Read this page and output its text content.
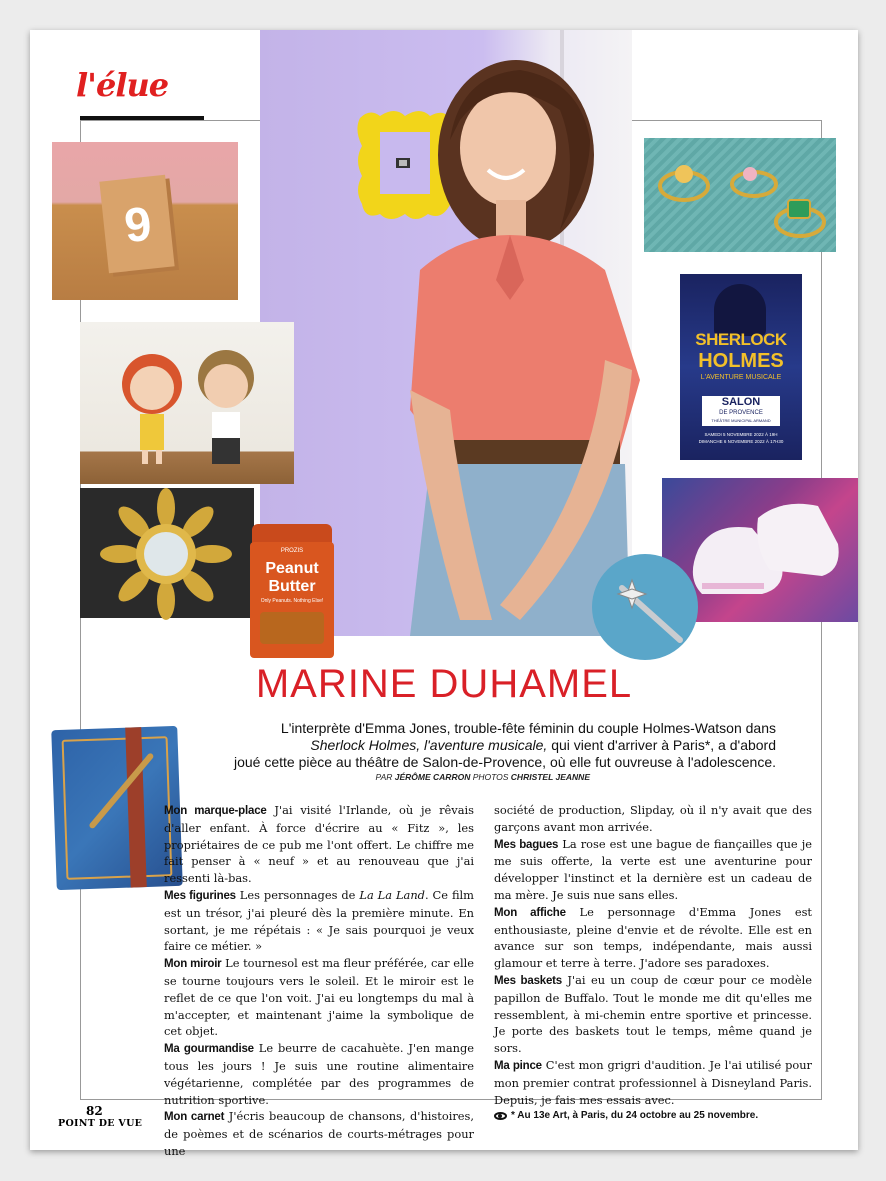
l'élue
9
PROZIS
Peanut
Butter
Only Peanuts. Nothing Else!
SHERLOCK
HOLMES
L'AVENTURE MUSICALE
SALON
DE PROVENCE
THÉÂTRE MUNICIPAL ARMAND
SAMEDI 5 NOVEMBRE 2022 À 19H
DIMANCHE 6 NOVEMBRE 2022 À 17H30
MARINE DUHAMEL
L'interprète d'Emma Jones, trouble-fête féminin du couple Holmes-Watson dans
Sherlock Holmes, l'aventure musicale, qui vient d'arriver à Paris*, a d'abord
joué cette pièce au théâtre de Salon-de-Provence, où elle fut ouvreuse à l'adolescence.
PAR JÉRÔME CARRON PHOTOS CHRISTEL JEANNE

Mon marque-place J'ai visité l'Irlande, où je rêvais d'aller enfant. À force d'écrire au « Fitz », les propriétaires de ce pub me l'ont offert. Le chiffre me fait penser à « neuf » et au renouveau que j'ai ressenti là-bas.

Mes figurines Les personnages de La La Land. Ce film est un trésor, j'ai pleuré dès la première minute. En sortant, je me répétais : « Je sais pourquoi je veux faire ce métier. »

Mon miroir Le tournesol est ma fleur préférée, car elle se tourne toujours vers le soleil. Et le miroir est le reflet de ce que l'on voit. J'ai eu longtemps du mal à m'accepter, et maintenant j'aime la symbolique de cet objet.

Ma gourmandise Le beurre de cacahuète. J'en mange tous les jours ! Je suis une routine alimentaire végétarienne, complétée par des programmes de nutrition sportive.

Mon carnet J'écris beaucoup de chansons, d'histoires, de poèmes et de scénarios de courts-métrages pour une

société de production, Slipday, où il n'y avait que des garçons avant mon arrivée.

Mes bagues La rose est une bague de fiançailles que je me suis offerte, la verte est une aventurine pour développer l'instinct et la dernière est un cadeau de ma mère. Je suis nue sans elles.

Mon affiche Le personnage d'Emma Jones est enthousiaste, pleine d'envie et de révolte. Elle est en avance sur son temps, indépendante, mais aussi glamour et terre à terre. J'adore ses paradoxes.

Mes baskets J'ai eu un coup de cœur pour ce modèle papillon de Buffalo. Tout le monde me dit qu'elles me ressemblent, à mi-chemin entre sportive et princesse. Je porte des baskets tout le temps, même quand je sors.

Ma pince C'est mon grigri d'audition. Je l'ai utilisé pour mon premier contrat professionnel à Disneyland Paris. Depuis, je fais mes essais avec.

* Au 13e Art, à Paris, du 24 octobre au 25 novembre.

82
POINT DE VUE
